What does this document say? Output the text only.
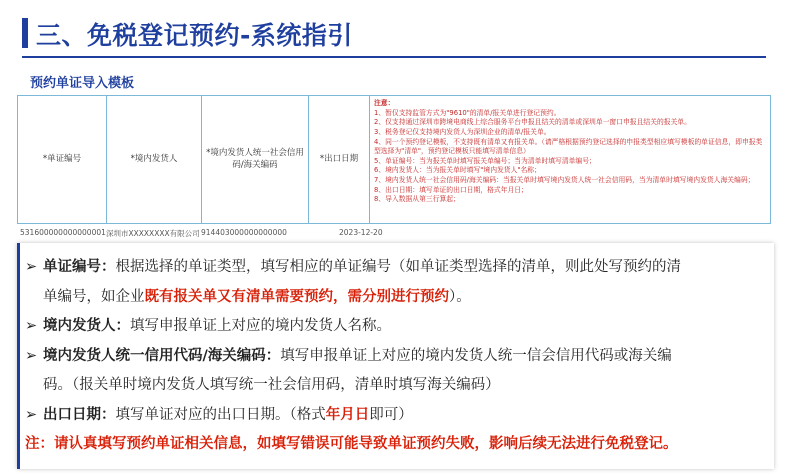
三、免税登记预约-系统指引
预约单证导入模板
*单证编号	*境内发货人
*境内发货人统一社会信用码/海关编码
*出口日期
注意：
1、暂仅支持监管方式为"9610"的清单/报关单进行登记预约。
2、仅支持通过深圳市跨境电商线上综合服务平台申报且结关的清单或深圳单一窗口申报且结关的报关单。
3、税务登记仅支持境内发货人为深圳企业的清单/报关单。
4、同一个预约登记模板，不支持既有清单又有报关单。（请严格根据预约登记选择的申报类型相应填写模板的单证信息，即申报类型选择为"清单"，预约登记模板只能填写清单信息）
5、单证编号：当为报关单时填写报关单编号；当为清单时填写清单编号；
6、境内发货人：当为报关单时填写"境内发货人"名称；
7、境内发货人统一社会信用码/海关编码：当报关单时填写境内发货人统一社会信用码，当为清单时填写境内发货人海关编码；
8、出口日期：填写单证的出口日期，格式年月日；
8、导入数据从第三行算起；
531600000000000001 深圳市XXXXXXXX有限公司 914403000000000000	2023-12-20
➢ 单证编号：根据选择的单证类型，填写相应的单证编号（如单证类型选择的清单，则此处写预约的清
单编号，如企业既有报关单又有清单需要预约，需分别进行预约）。
➢ 境内发货人：填写申报单证上对应的境内发货人名称。
➢ 境内发货人统一信用代码/海关编码：填写申报单证上对应的境内发货人统一信会信用代码或海关编
码。（报关单时境内发货人填写统一社会信用码，清单时填写海关编码）
➢ 出口日期：填写单证对应的出口日期。（格式年月日即可）
注：请认真填写预约单证相关信息，如填写错误可能导致单证预约失败，影响后续无法进行免税登记。
